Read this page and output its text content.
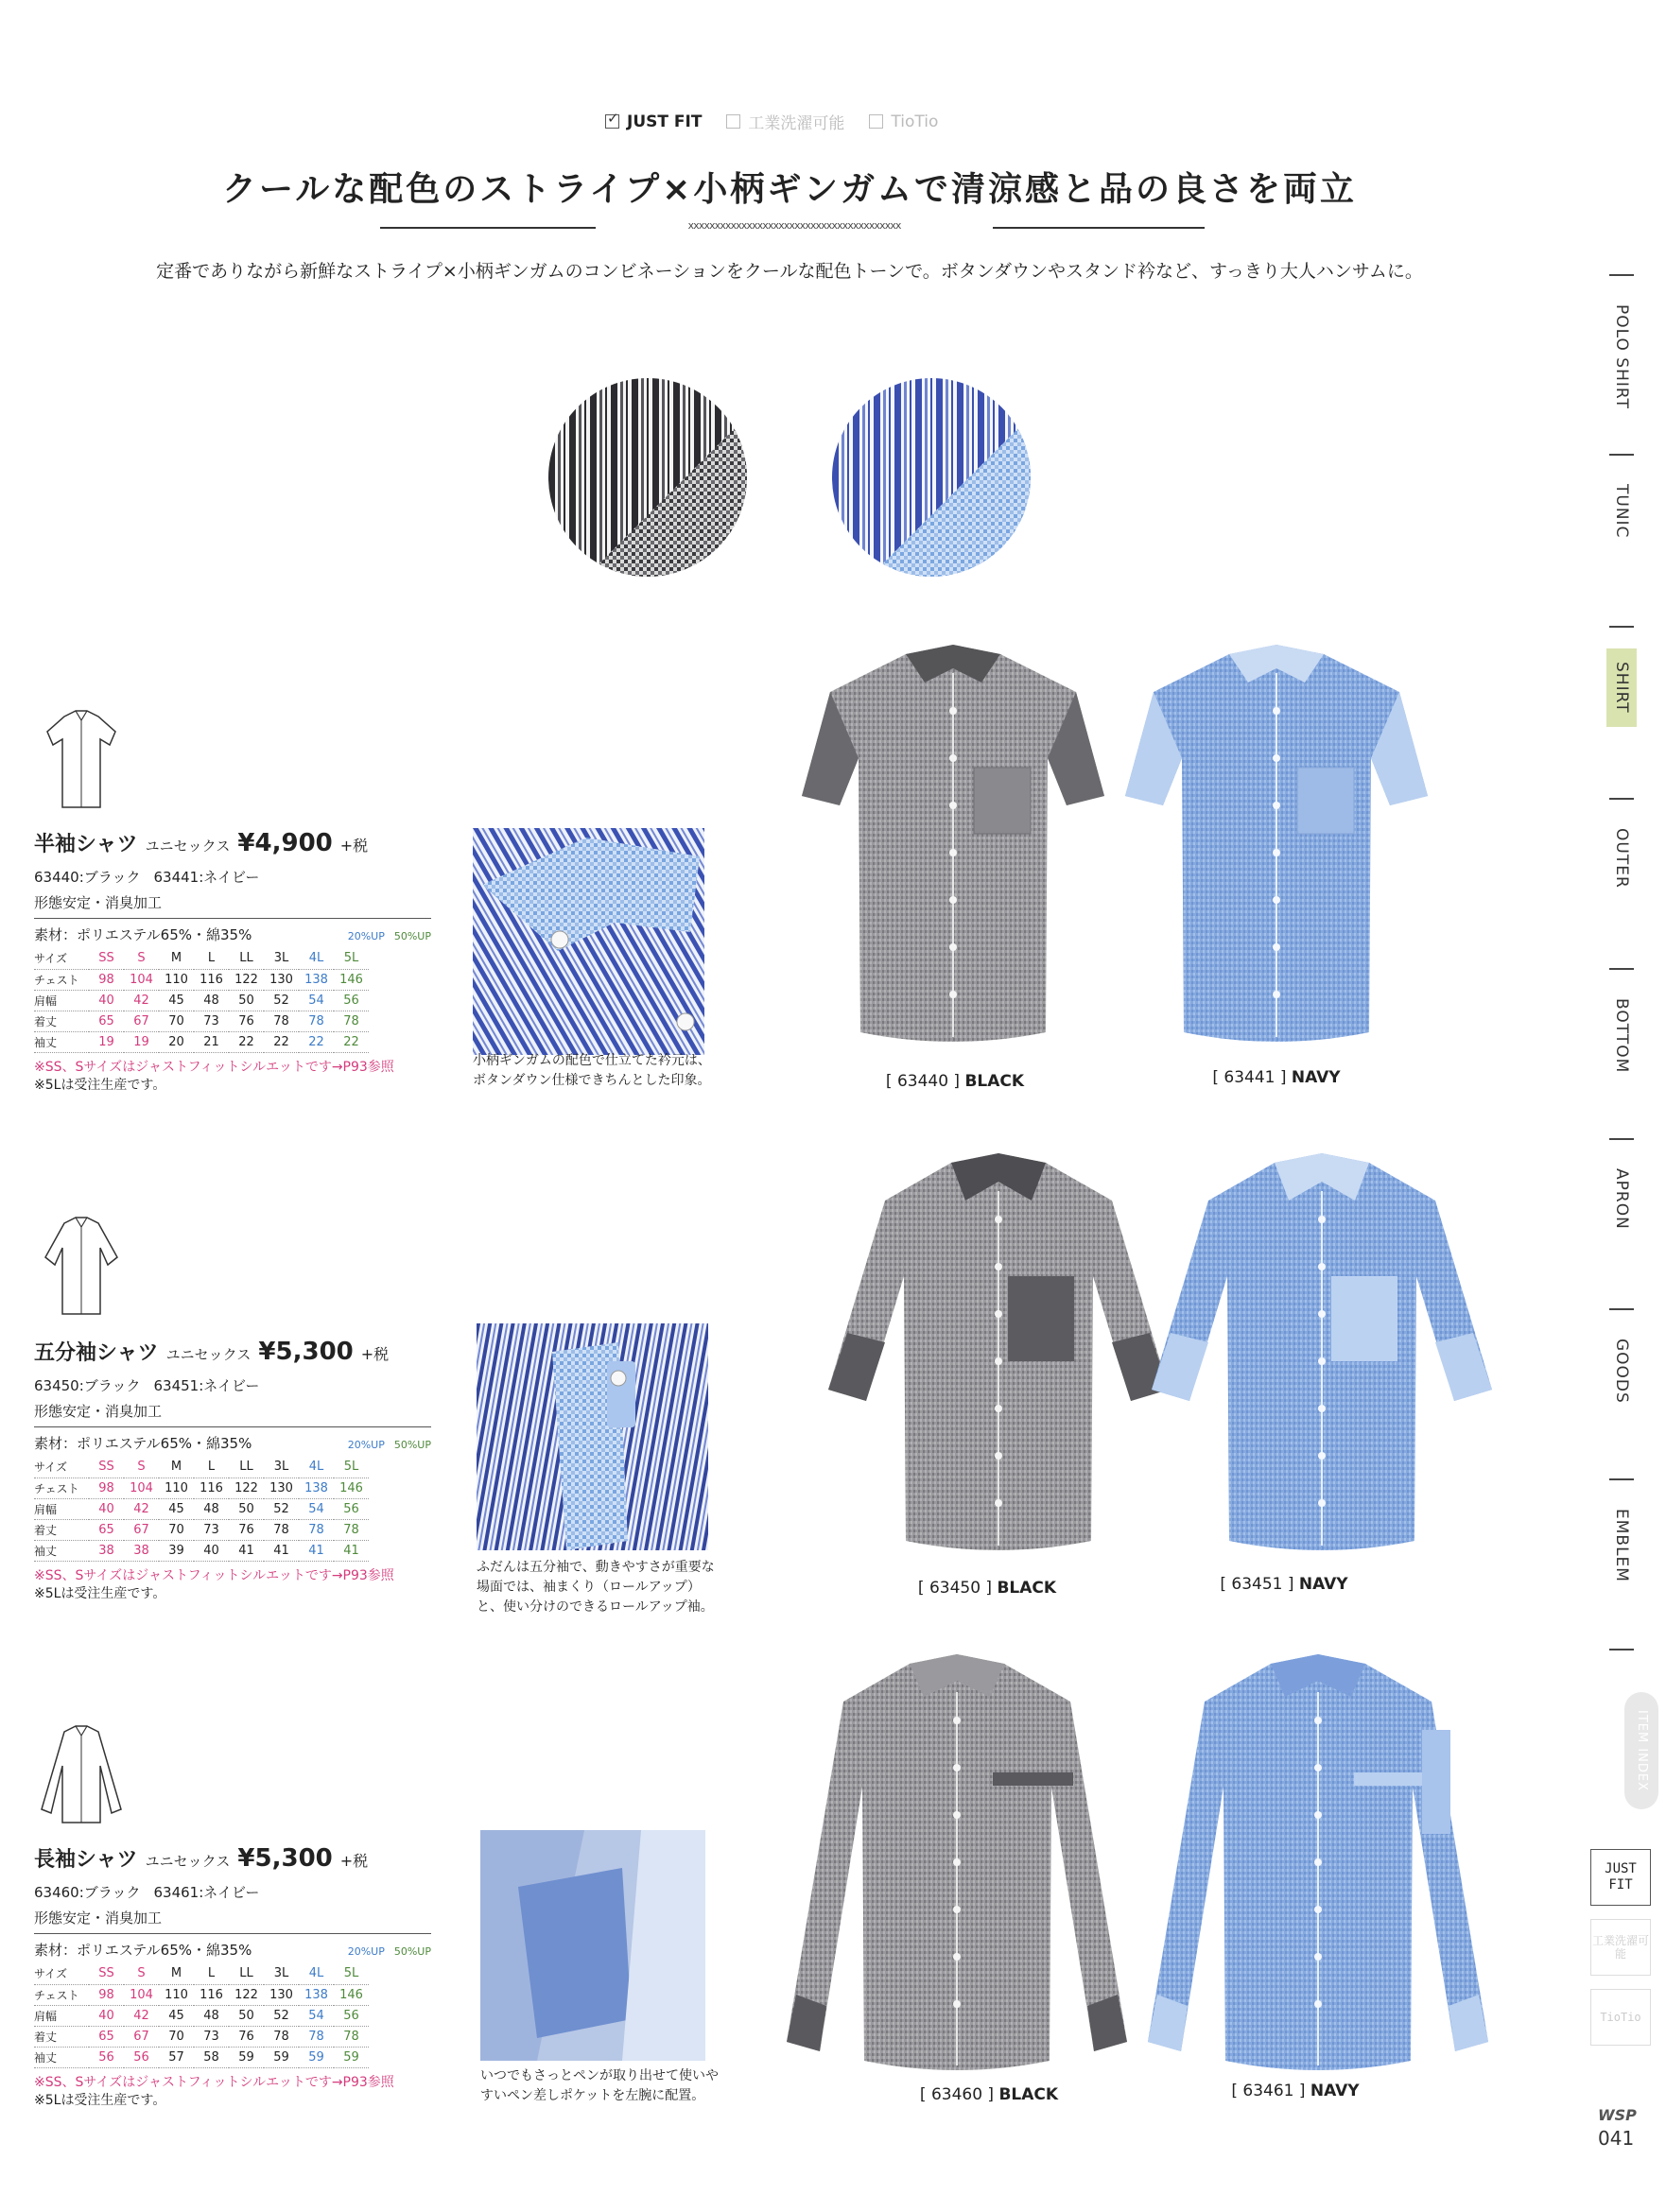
✓
JUST FIT	工業洗濯可能	TioTio
クールな配色のストライプ×小柄ギンガムで清涼感と品の良さを両立
xxxxxxxxxxxxxxxxxxxxxxxxxxxxxxxxxxxxxxxx
定番でありながら新鮮なストライプ×小柄ギンガムのコンビネーションをクールな配色トーンで。ボタンダウンやスタンド衿など、すっきり大人ハンサムに。
POLO SHIRT
TUNIC
SHIRT
OUTER
BOTTOM
APRON
GOODS
EMBLEM
ITEM INDEX
JUST FIT
工業洗濯可能
TioTio
WSP
041
半袖シャツ ユニセックス ¥4,900 +税
63440:ブラック 63441:ネイビー
形態安定・消臭加工
素材：ポリエステル65%・綿35%	20%UP 50%UP
サイズ	SS	S	M	L	LL	3L	4L	5L
チェスト	98	104	110	116	122	130	138	146
肩幅	40	42	45	48	50	52	54	56
着丈	65	67	70	73	76	78	78	78
袖丈	19	19	20	21	22	22	22	22
※SS、Sサイズはジャストフィットシルエットです→P93参照
※5Lは受注生産です。
小柄ギンガムの配色で仕立てた衿元は、ボタンダウン仕様できちんとした印象。	[ 63440 ] BLACK	[ 63441 ] NAVY
五分袖シャツ ユニセックス ¥5,300 +税
63450:ブラック 63451:ネイビー
形態安定・消臭加工
素材：ポリエステル65%・綿35%	20%UP 50%UP
サイズ	SS	S	M	L	LL	3L	4L	5L
チェスト	98	104	110	116	122	130	138	146
肩幅	40	42	45	48	50	52	54	56
着丈	65	67	70	73	76	78	78	78
袖丈	38	38	39	40	41	41	41	41
※SS、Sサイズはジャストフィットシルエットです→P93参照
※5Lは受注生産です。
ふだんは五分袖で、動きやすさが重要な場面では、袖まくり（ロールアップ）と、使い分けのできるロールアップ袖。
[ 63450 ] BLACK	[ 63451 ] NAVY
長袖シャツ ユニセックス ¥5,300 +税
63460:ブラック 63461:ネイビー
形態安定・消臭加工
素材：ポリエステル65%・綿35%	20%UP 50%UP
サイズ	SS	S	M	L	LL	3L	4L	5L
チェスト	98	104	110	116	122	130	138	146
肩幅	40	42	45	48	50	52	54	56
着丈	65	67	70	73	76	78	78	78
袖丈	56	56	57	58	59	59	59	59
※SS、Sサイズはジャストフィットシルエットです→P93参照
※5Lは受注生産です。
いつでもさっとペンが取り出せて使いやすいペン差しポケットを左腕に配置。	[ 63460 ] BLACK	[ 63461 ] NAVY
